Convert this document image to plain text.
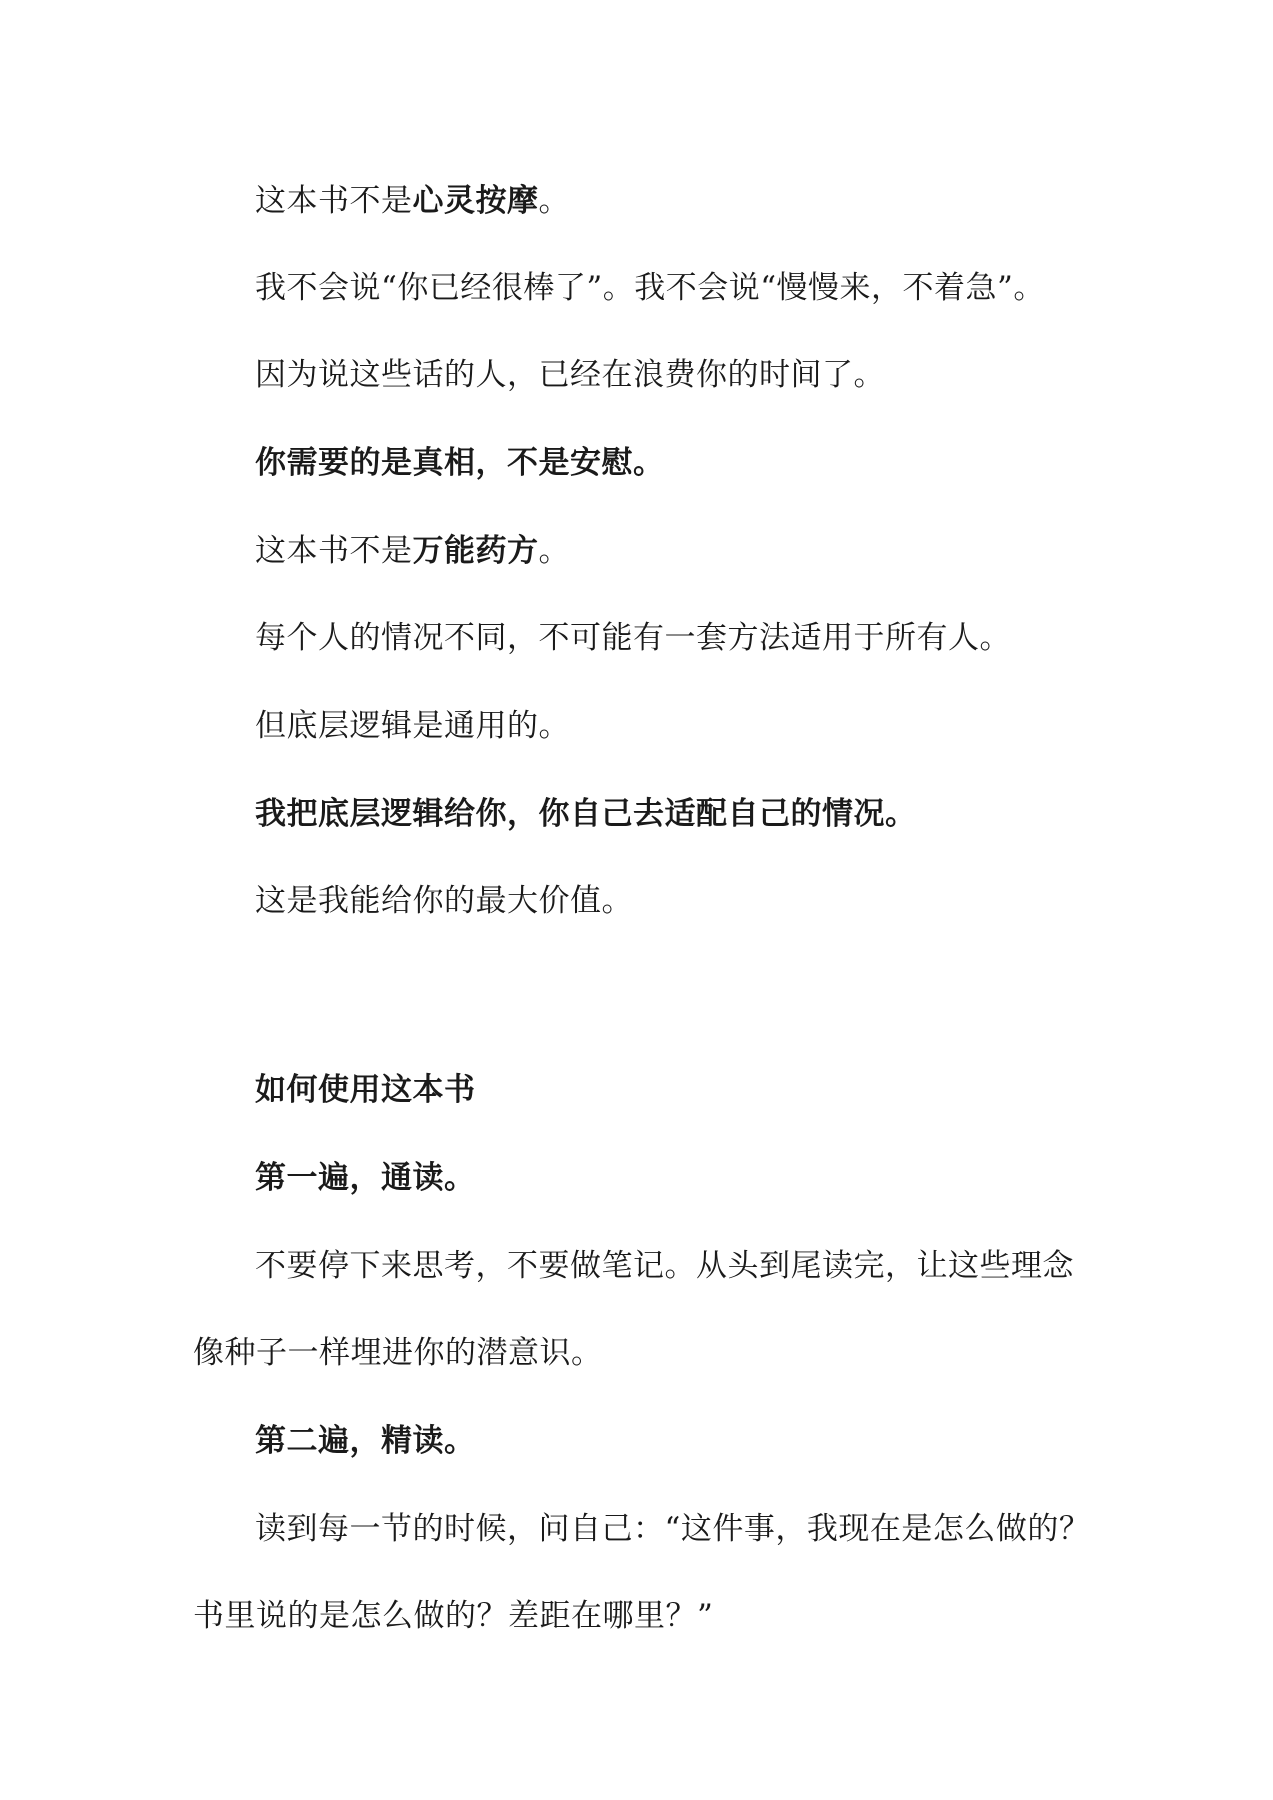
这本书不是心灵按摩。
我不会说“你已经很棒了”。我不会说“慢慢来，不着急”。
因为说这些话的人，已经在浪费你的时间了。
你需要的是真相，不是安慰。
这本书不是万能药方。
每个人的情况不同，不可能有一套方法适用于所有人。
但底层逻辑是通用的。
我把底层逻辑给你，你自己去适配自己的情况。
这是我能给你的最大价值。
如何使用这本书
第一遍，通读。
不要停下来思考，不要做笔记。从头到尾读完，让这些理念
像种子一样埋进你的潜意识。
第二遍，精读。
读到每一节的时候，问自己：“这件事，我现在是怎么做的？
书里说的是怎么做的？差距在哪里？”
